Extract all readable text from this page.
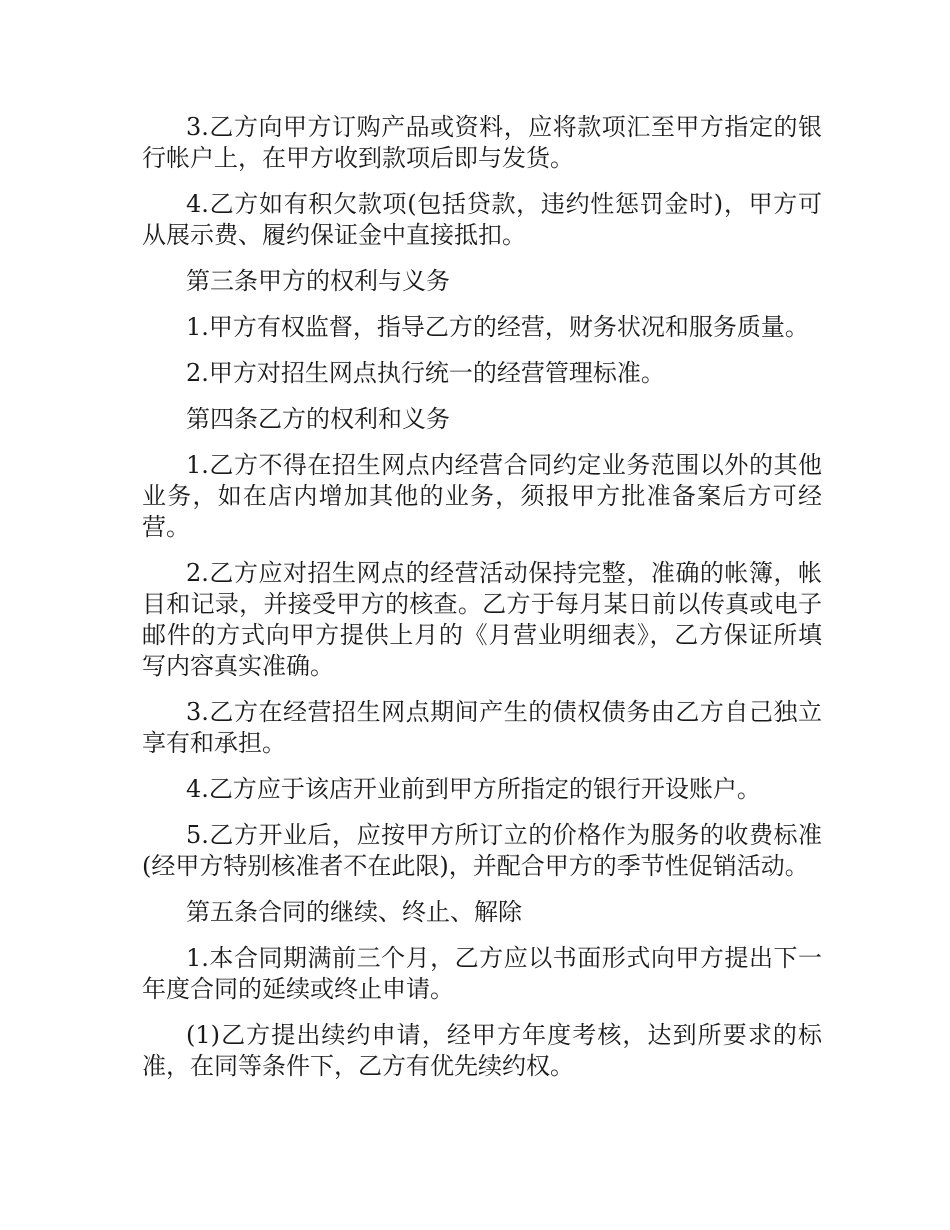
3.乙方向甲方订购产品或资料，应将款项汇至甲方指定的银行帐户上，在甲方收到款项后即与发货。

4.乙方如有积欠款项(包括贷款，违约性惩罚金时)，甲方可从展示费、履约保证金中直接抵扣。

第三条甲方的权利与义务

1.甲方有权监督，指导乙方的经营，财务状况和服务质量。

2.甲方对招生网点执行统一的经营管理标准。

第四条乙方的权利和义务

1.乙方不得在招生网点内经营合同约定业务范围以外的其他业务，如在店内增加其他的业务，须报甲方批准备案后方可经营。

2.乙方应对招生网点的经营活动保持完整，准确的帐簿，帐目和记录，并接受甲方的核查。乙方于每月某日前以传真或电子邮件的方式向甲方提供上月的《月营业明细表》，乙方保证所填写内容真实准确。

3.乙方在经营招生网点期间产生的债权债务由乙方自己独立享有和承担。

4.乙方应于该店开业前到甲方所指定的银行开设账户。

5.乙方开业后，应按甲方所订立的价格作为服务的收费标准(经甲方特别核准者不在此限)，并配合甲方的季节性促销活动。

第五条合同的继续、终止、解除

1.本合同期满前三个月，乙方应以书面形式向甲方提出下一年度合同的延续或终止申请。

(1)乙方提出续约申请，经甲方年度考核，达到所要求的标准，在同等条件下，乙方有优先续约权。
